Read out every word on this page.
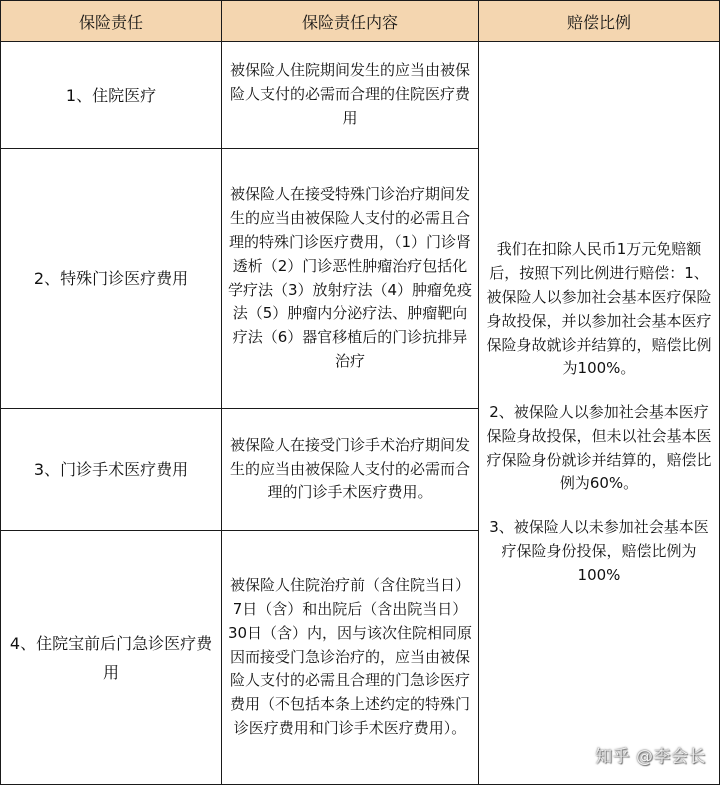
保险责任	保险责任内容	赔偿比例
1、住院医疗	被保险人住院期间发生的应当由被保险人支付的必需而合理的住院医疗费用	我们在扣除人民币1万元免赔额后，按照下列比例进行赔偿：1、被保险人以参加社会基本医疗保险身故投保，并以参加社会基本医疗保险身故就诊并结算的，赔偿比例为100%。
2、被保险人以参加社会基本医疗保险身故投保，但未以社会基本医疗保险身份就诊并结算的，赔偿比例为60%。
3、被保险人以未参加社会基本医疗保险身份投保，赔偿比例为100%

2、特殊门诊医疗费用	被保险人在接受特殊门诊治疗期间发生的应当由被保险人支付的必需且合理的特殊门诊医疗费用，（1）门诊肾透析（2）门诊恶性肿瘤治疗包括化学疗法（3）放射疗法（4）肿瘤免疫法（5）肿瘤内分泌疗法、肿瘤靶向疗法（6）器官移植后的门诊抗排异治疗	
3、门诊手术医疗费用	被保险人在接受门诊手术治疗期间发生的应当由被保险人支付的必需而合理的门诊手术医疗费用。	
4、住院宝前后门急诊医疗费用	被保险人住院治疗前（含住院当日）7日（含）和出院后（含出院当日）30日（含）内，因与该次住院相同原因而接受门急诊治疗的，应当由被保险人支付的必需且合理的门急诊医疗费用（不包括本条上述约定的特殊门诊医疗费用和门诊手术医疗费用）。	
知乎 @李会长
